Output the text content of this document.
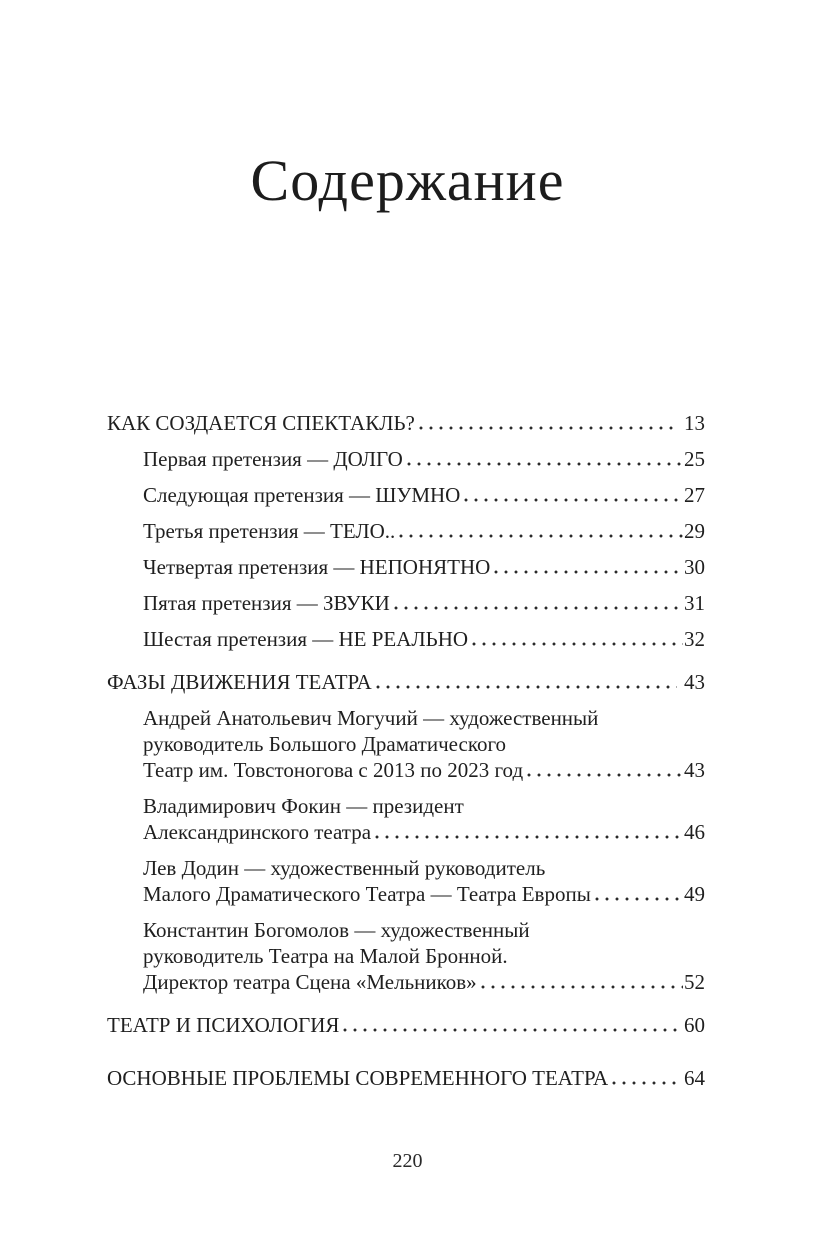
Содержание
КАК СОЗДАЕТСЯ СПЕКТАКЛЬ?	13
Первая претензия — ДОЛГО	25
Следующая претензия — ШУМНО	27
Третья претензия — ТЕЛО..	29
Четвертая претензия — НЕПОНЯТНО	30
Пятая претензия — ЗВУКИ	31
Шестая претензия — НЕ РЕАЛЬНО	32
ФАЗЫ ДВИЖЕНИЯ ТЕАТРА	43
Андрей Анатольевич Могучий — художественный
руководитель Большого Драматического
Театр им. Товстоногова с 2013 по 2023 год	43
Владимирович Фокин — президент
Александринского театра	46
Лев Додин — художественный руководитель
Малого Драматического Театра — Театра Европы	49
Константин Богомолов — художественный
руководитель Театра на Малой Бронной.
Директор театра Сцена «Мельников»	52
ТЕАТР И ПСИХОЛОГИЯ	60
ОСНОВНЫЕ ПРОБЛЕМЫ СОВРЕМЕННОГО ТЕАТРА	64
220
